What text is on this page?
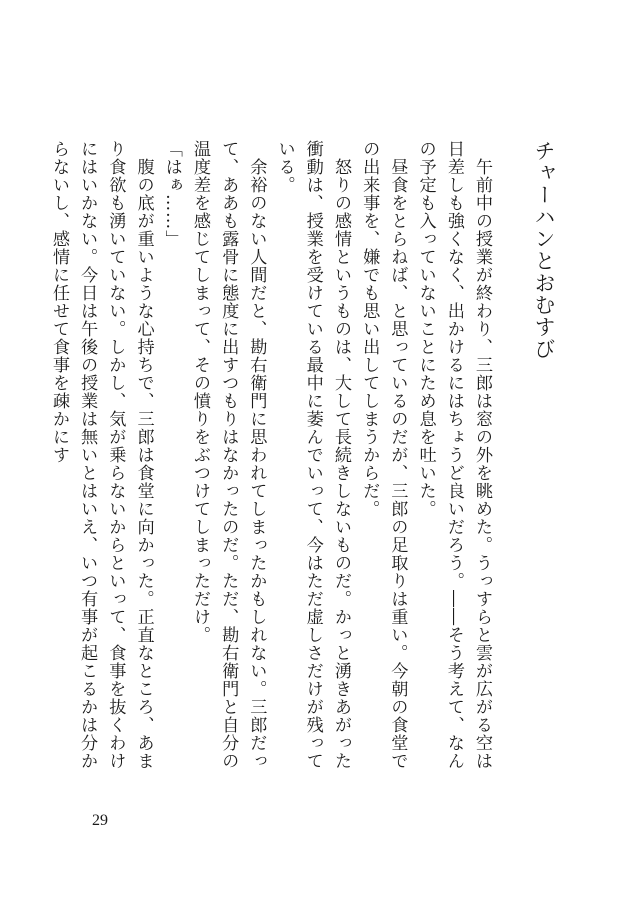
チャーハンとおむすび

　午前中の授業が終わり、三郎は窓の外を眺めた。うっすらと雲が広がる空は日差しも強くなく、出かけるにはちょうど良いだろう。――そう考えて、なんの予定も入っていないことにため息を吐いた。

　昼食をとらねば、と思っているのだが、三郎の足取りは重い。今朝の食堂での出来事を、嫌でも思い出してしまうからだ。

　怒りの感情というものは、大して長続きしないものだ。かっと湧きあがった衝動は、授業を受けている最中に萎んでいって、今はただ虚しさだけが残っている。

　余裕のない人間だと、勘右衛門に思われてしまったかもしれない。三郎だって、ああも露骨に態度に出すつもりはなかったのだ。ただ、勘右衛門と自分の温度差を感じてしまって、その憤りをぶつけてしまっただけ。

「はぁ……」

　腹の底が重いような心持ちで、三郎は食堂に向かった。正直なところ、あまり食欲も湧いていない。しかし、気が乗らないからといって、食事を抜くわけにはいかない。今日は午後の授業は無いとはいえ、いつ有事が起こるかは分からないし、感情に任せて食事を疎かにす

29
